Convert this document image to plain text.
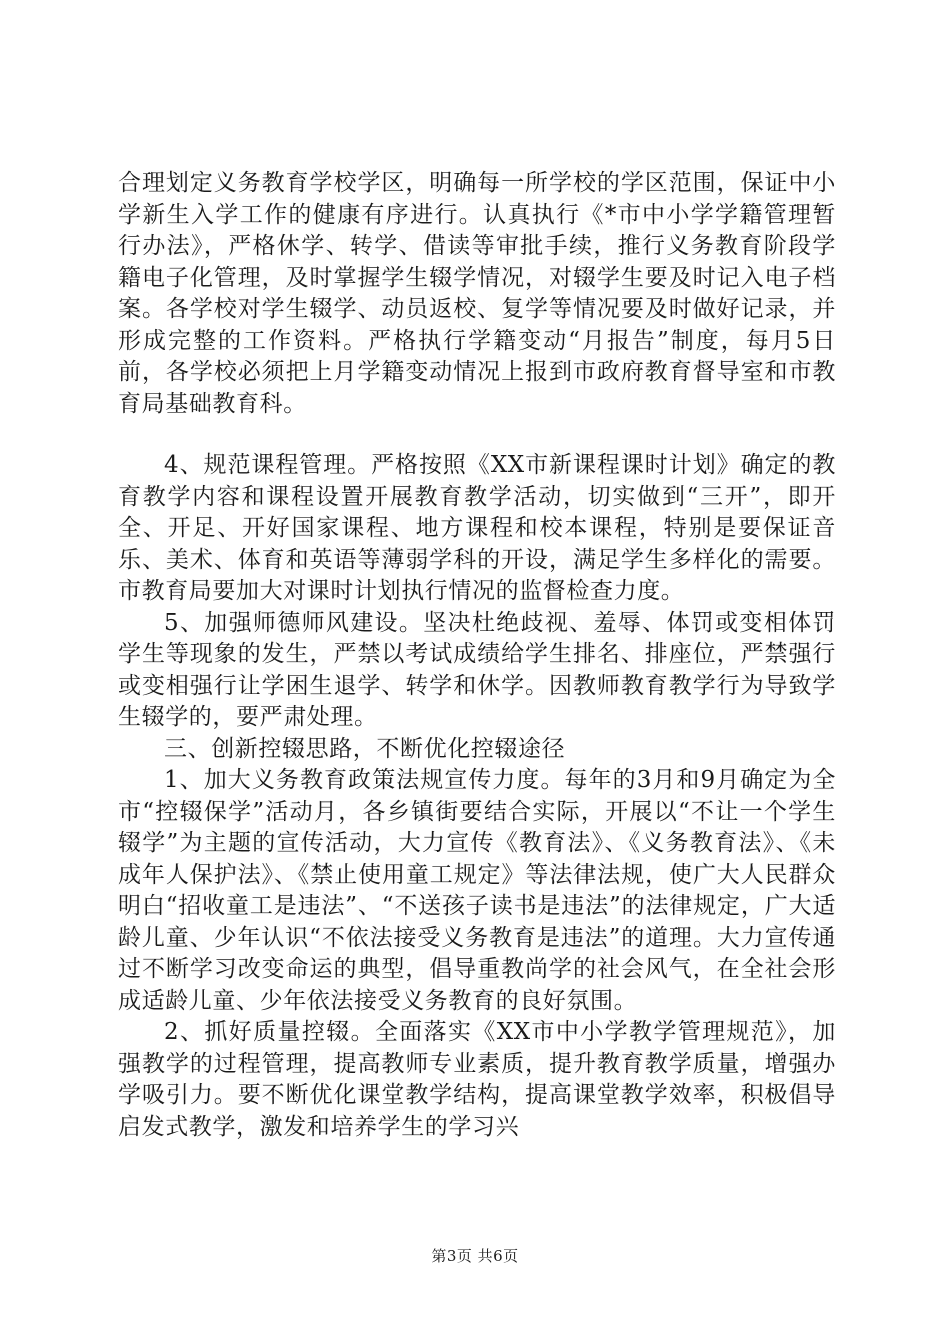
合理划定义务教育学校学区，明确每一所学校的学区范围，保证中小学新生入学工作的健康有序进行。认真执行《*市中小学学籍管理暂行办法》，严格休学、转学、借读等审批手续，推行义务教育阶段学籍电子化管理，及时掌握学生辍学情况，对辍学生要及时记入电子档案。各学校对学生辍学、动员返校、复学等情况要及时做好记录，并形成完整的工作资料。严格执行学籍变动“月报告”制度，每月5日前，各学校必须把上月学籍变动情况上报到市政府教育督导室和市教育局基础教育科。

4、规范课程管理。严格按照《XX市新课程课时计划》确定的教育教学内容和课程设置开展教育教学活动，切实做到“三开”，即开全、开足、开好国家课程、地方课程和校本课程，特别是要保证音乐、美术、体育和英语等薄弱学科的开设，满足学生多样化的需要。市教育局要加大对课时计划执行情况的监督检查力度。

5、加强师德师风建设。坚决杜绝歧视、羞辱、体罚或变相体罚学生等现象的发生，严禁以考试成绩给学生排名、排座位，严禁强行或变相强行让学困生退学、转学和休学。因教师教育教学行为导致学生辍学的，要严肃处理。

三、创新控辍思路，不断优化控辍途径

1、加大义务教育政策法规宣传力度。每年的3月和9月确定为全市“控辍保学”活动月，各乡镇街要结合实际，开展以“不让一个学生辍学”为主题的宣传活动，大力宣传《教育法》、《义务教育法》、《未成年人保护法》、《禁止使用童工规定》等法律法规，使广大人民群众明白“招收童工是违法”、“不送孩子读书是违法”的法律规定，广大适龄儿童、少年认识“不依法接受义务教育是违法”的道理。大力宣传通过不断学习改变命运的典型，倡导重教尚学的社会风气，在全社会形成适龄儿童、少年依法接受义务教育的良好氛围。

2、抓好质量控辍。全面落实《XX市中小学教学管理规范》，加强教学的过程管理，提高教师专业素质，提升教育教学质量，增强办学吸引力。要不断优化课堂教学结构，提高课堂教学效率，积极倡导启发式教学，激发和培养学生的学习兴

第3页 共6页
